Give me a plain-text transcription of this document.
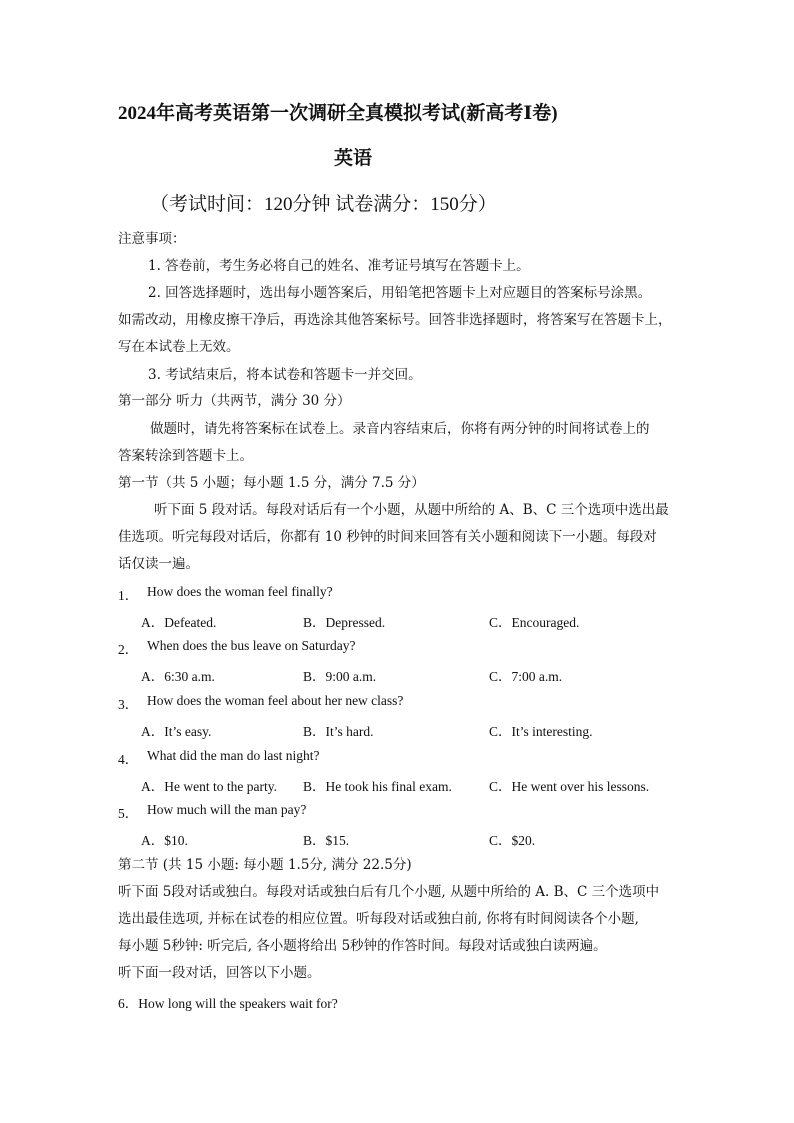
2024年高考英语第一次调研全真模拟考试(新高考Ⅰ卷)
英语
（考试时间：120分钟 试卷满分：150分）
注意事项：
1. 答卷前，考生务必将自己的姓名、准考证号填写在答题卡上。
2. 回答选择题时，选出每小题答案后，用铅笔把答题卡上对应题目的答案标号涂黑。
如需改动，用橡皮擦干净后，再选涂其他答案标号。回答非选择题时，将答案写在答题卡上，
写在本试卷上无效。
3. 考试结束后，将本试卷和答题卡一并交回。
第一部分 听力（共两节，满分 30 分）
做题时，请先将答案标在试卷上。录音内容结束后，你将有两分钟的时间将试卷上的
答案转涂到答题卡上。
第一节（共 5 小题；每小题 1.5 分，满分 7.5 分）
听下面 5 段对话。每段对话后有一个小题，从题中所给的 A、B、C 三个选项中选出最
佳选项。听完每段对话后，你都有 10 秒钟的时间来回答有关小题和阅读下一小题。每段对
话仅读一遍。
1． How does the woman feel finally?
A．Defeated.	B．Depressed.	C．Encouraged.
2． When does the bus leave on Saturday?
A．6:30 a.m.	B．9:00 a.m.	C．7:00 a.m.
3． How does the woman feel about her new class?
A．It’s easy.	B．It’s hard.	C．It’s interesting.
4． What did the man do last night?
A．He went to the party. B．He took his final exam.	C．He went over his lessons.
5． How much will the man pay?
A．$10.	B．$15.	C．$20.
第二节 (共 15 小题: 每小题 1.5分, 满分 22.5分)
听下面 5段对话或独白。每段对话或独白后有几个小题, 从题中所给的 A. B、C 三个选项中
选出最佳选项, 并标在试卷的相应位置。听每段对话或独白前, 你将有时间阅读各个小题,
每小题 5秒钟: 听完后, 各小题将给出 5秒钟的作答时间。每段对话或独白读两遍。
听下面一段对话，回答以下小题。
6．How long will the speakers wait for?
